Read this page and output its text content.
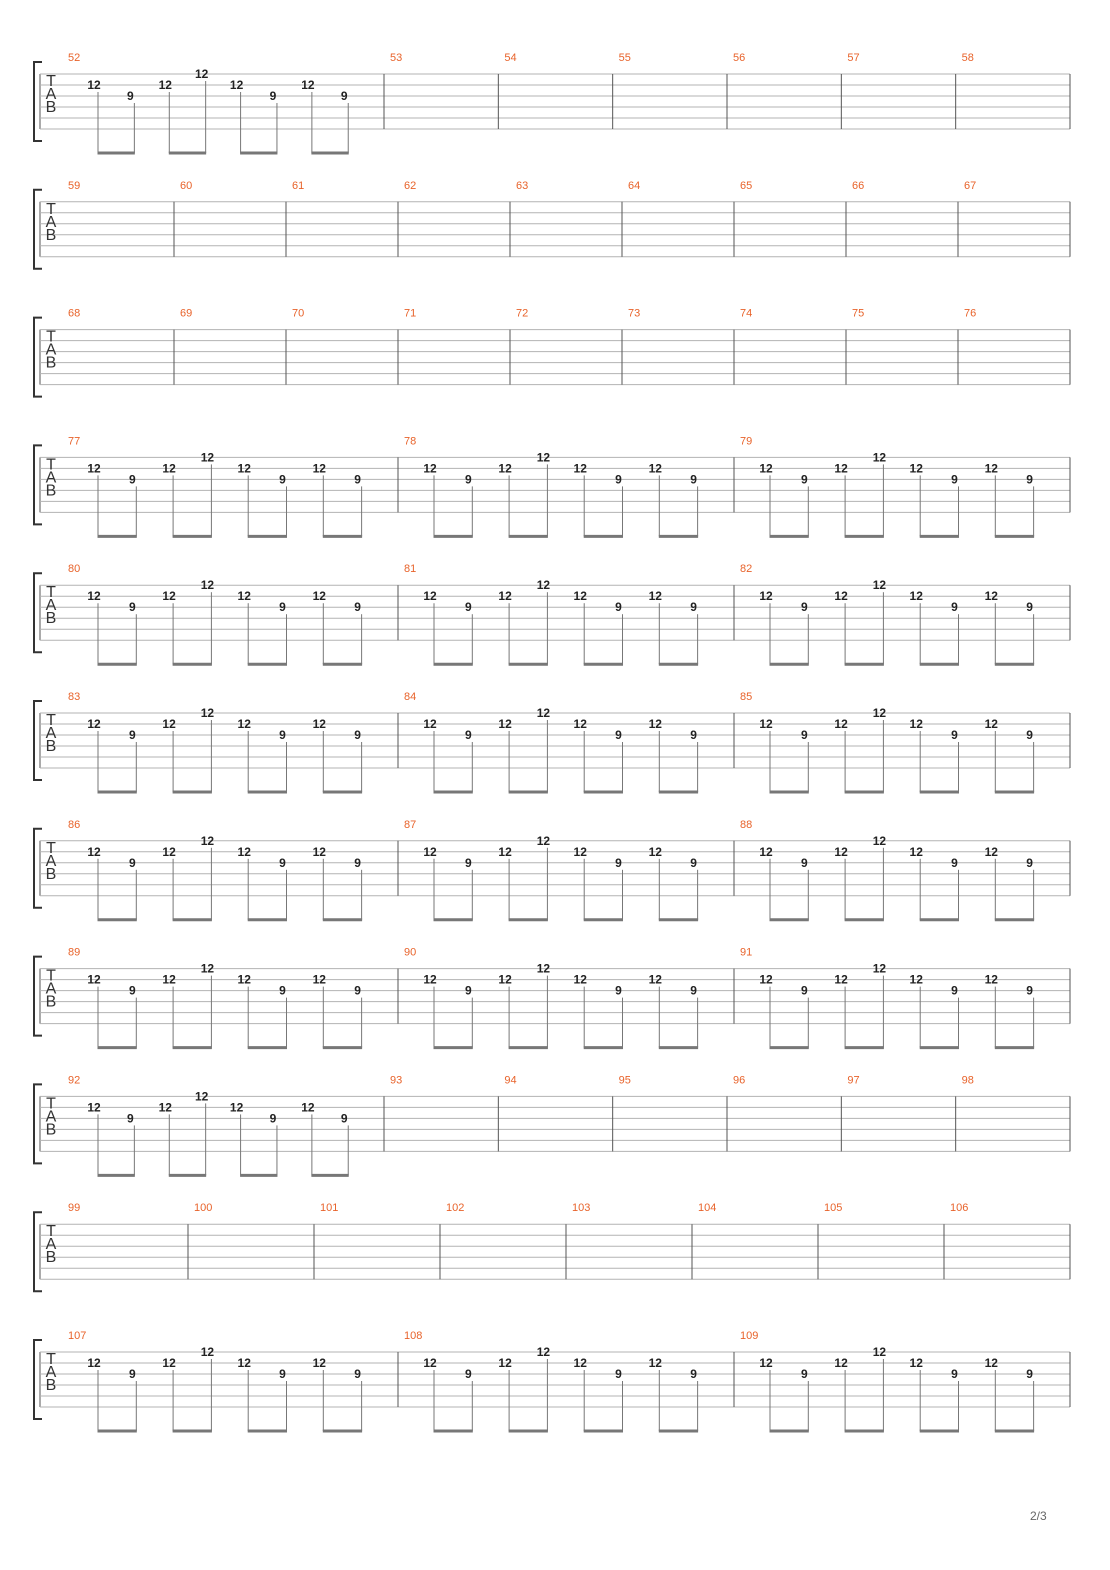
T
A
B
52
12
9
12
12
12
9
12
9
53	54	55	56	57	58
T
A
B
59	60	61	62	63	64	65	66	67
T
A
B
68	69	70	71	72	73	74	75	76
T
A
B
77
12
9
12
12
12
9
12
9
78
12
9
12
12
12
9
12
9
79
12
9
12
12
12
9
12
9
T
A
B
80
12
9
12
12
12
9
12
9
81
12
9
12
12
12
9
12
9
82
12
9
12
12
12
9
12
9
T
A
B
83
12
9
12
12
12
9
12
9
84
12
9
12
12
12
9
12
9
85
12
9
12
12
12
9
12
9
T
A
B
86
12
9
12
12
12
9
12
9
87
12
9
12
12
12
9
12
9
88
12
9
12
12
12
9
12
9
T
A
B
89
12
9
12
12
12
9
12
9
90
12
9
12
12
12
9
12
9
91
12
9
12
12
12
9
12
9
T
A
B
92
12
9
12
12
12
9
12
9
93	94	95	96	97	98
T
A
B
99	100	101	102	103	104	105	106
T
A
B
107
12
9
12
12
12
9
12
9
108
12
9
12
12
12
9
12
9
109
12
9
12
12
12
9
12
9
2/3
